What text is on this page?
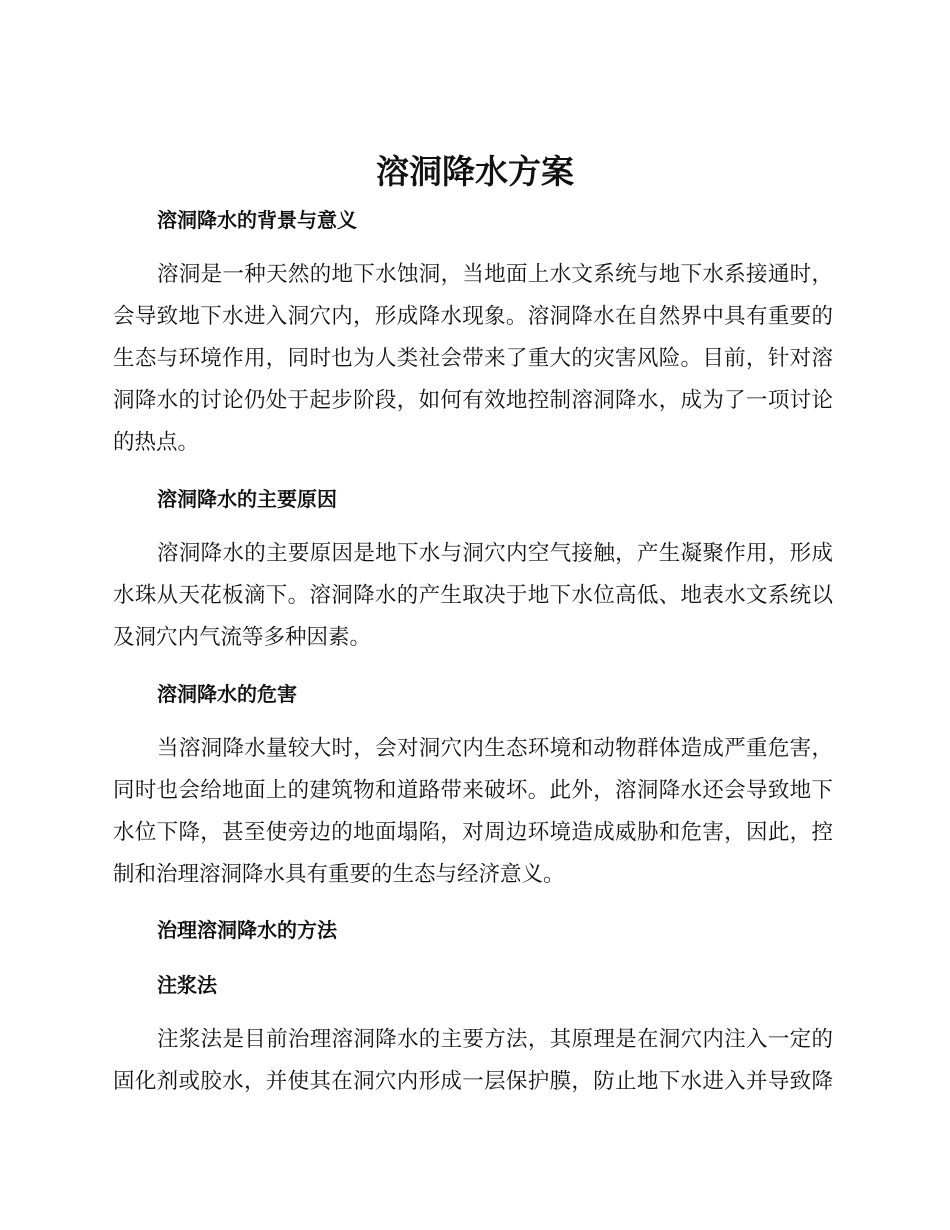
溶洞降水方案
溶洞降水的背景与意义
溶洞是一种天然的地下水蚀洞，当地面上水文系统与地下水系接通时，
会导致地下水进入洞穴内，形成降水现象。溶洞降水在自然界中具有重要的
生态与环境作用，同时也为人类社会带来了重大的灾害风险。目前，针对溶
洞降水的讨论仍处于起步阶段，如何有效地控制溶洞降水，成为了一项讨论
的热点。
溶洞降水的主要原因
溶洞降水的主要原因是地下水与洞穴内空气接触，产生凝聚作用，形成
水珠从天花板滴下。溶洞降水的产生取决于地下水位高低、地表水文系统以
及洞穴内气流等多种因素。
溶洞降水的危害
当溶洞降水量较大时，会对洞穴内生态环境和动物群体造成严重危害，
同时也会给地面上的建筑物和道路带来破坏。此外，溶洞降水还会导致地下
水位下降，甚至使旁边的地面塌陷，对周边环境造成威胁和危害，因此，控
制和治理溶洞降水具有重要的生态与经济意义。
治理溶洞降水的方法
注浆法
注浆法是目前治理溶洞降水的主要方法，其原理是在洞穴内注入一定的
固化剂或胶水，并使其在洞穴内形成一层保护膜，防止地下水进入并导致降
